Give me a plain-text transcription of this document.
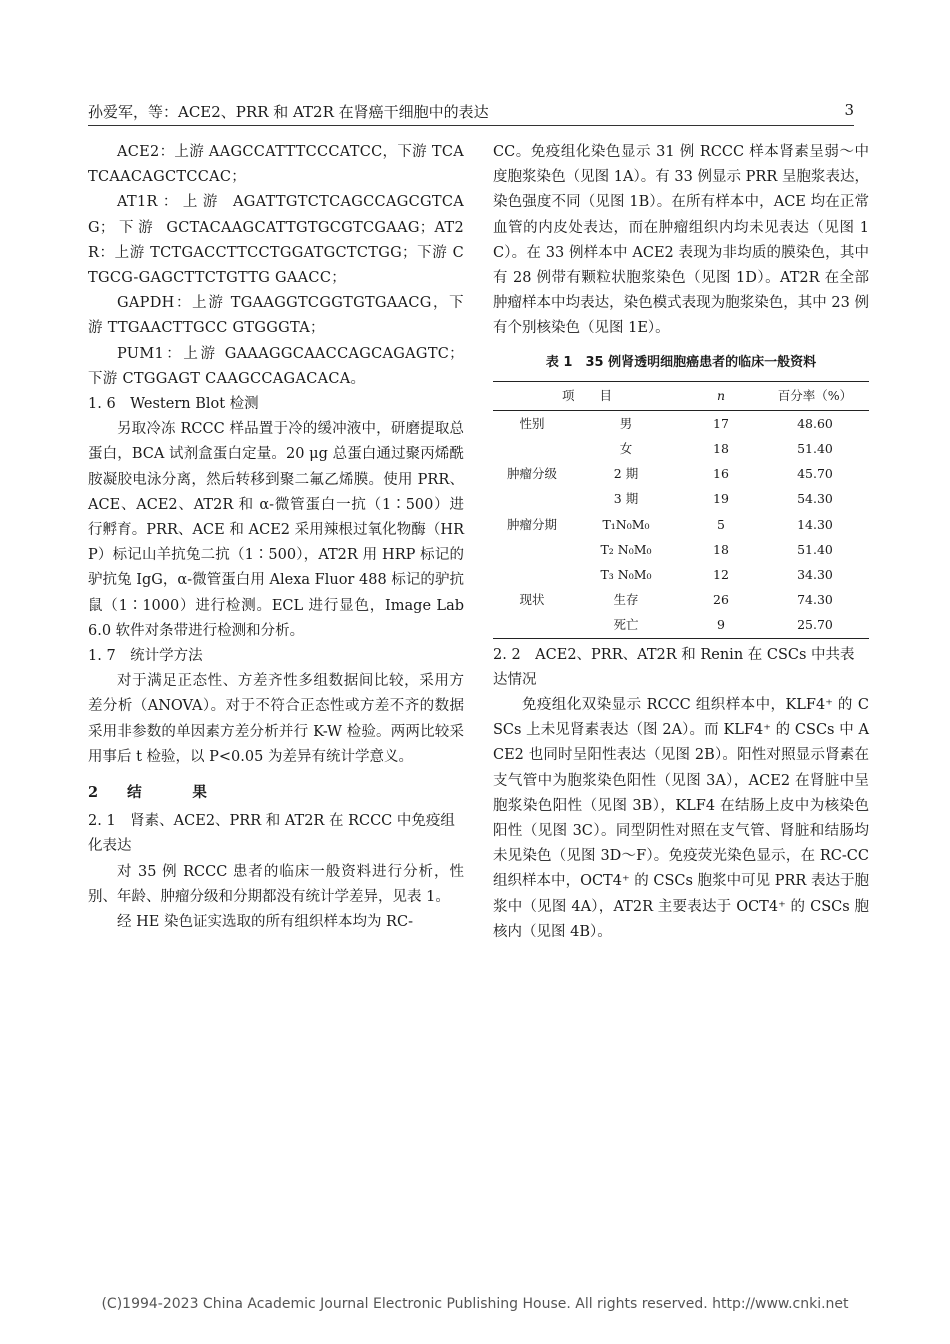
孙爱军，等：ACE2、PRR 和 AT2R 在肾癌干细胞中的表达	3

ACE2：上游 AAGCCATTTCCCATCC，下游 TCATCAACAGCTCCAC；

AT1R：上游 AGATTGTCTCAGCCAGCGTCAG；下游 GCTACAAGCATTGTGCGTCGAAG；AT2R：上游 TCTGACCTTCCTGGATGCTCTGG；下游 CTGCG-GAGCTTCTGTTG GAACC；

GAPDH：上游 TGAAGGTCGGTGTGAACG，下游 TTGAACTTGCC GTGGGTA；

PUM1：上游 GAAAGGCAACCAGCAGAGTC；下游 CTGGAGT CAAGCCAGACACA。

1. 6　Western Blot 检测

另取冷冻 RCCC 样品置于冷的缓冲液中，研磨提取总蛋白，BCA 试剂盒蛋白定量。20 μg 总蛋白通过聚丙烯酰胺凝胶电泳分离，然后转移到聚二氟乙烯膜。使用 PRR、ACE、ACE2、AT2R 和 α-微管蛋白一抗（1∶500）进行孵育。PRR、ACE 和 ACE2 采用辣根过氧化物酶（HRP）标记山羊抗兔二抗（1∶500），AT2R 用 HRP 标记的驴抗兔 IgG，α-微管蛋白用 Alexa Fluor 488 标记的驴抗鼠（1∶1000）进行检测。ECL 进行显色，Image Lab 6.0 软件对条带进行检测和分析。

1. 7　统计学方法

对于满足正态性、方差齐性多组数据间比较，采用方差分析（ANOVA）。对于不符合正态性或方差不齐的数据采用非参数的单因素方差分析并行 K-W 检验。两两比较采用事后 t 检验，以 P<0.05 为差异有统计学意义。

2　结　　果

2. 1　肾素、ACE2、PRR 和 AT2R 在 RCCC 中免疫组化表达

对 35 例 RCCC 患者的临床一般资料进行分析，性别、年龄、肿瘤分级和分期都没有统计学差异，见表 1。

经 HE 染色证实选取的所有组织样本均为 RC-

CC。免疫组化染色显示 31 例 RCCC 样本肾素呈弱～中度胞浆染色（见图 1A）。有 33 例显示 PRR 呈胞浆表达，染色强度不同（见图 1B）。在所有样本中，ACE 均在正常血管的内皮处表达，而在肿瘤组织内均未见表达（见图 1C）。在 33 例样本中 ACE2 表现为非均质的膜染色，其中有 28 例带有颗粒状胞浆染色（见图 1D）。AT2R 在全部肿瘤样本中均表达，染色模式表现为胞浆染色，其中 23 例有个别核染色（见图 1E）。

表 1　35 例肾透明细胞癌患者的临床一般资料
项　　目		n	百分率（%）
性别	男	17	48.60
	女	18	51.40
肿瘤分级	2 期	16	45.70
	3 期	19	54.30
肿瘤分期	T₁N₀M₀	5	14.30
	T₂ N₀M₀	18	51.40
	T₃ N₀M₀	12	34.30
现状	生存	26	74.30
	死亡	9	25.70

2. 2　ACE2、PRR、AT2R 和 Renin 在 CSCs 中共表达情况

免疫组化双染显示 RCCC 组织样本中，KLF4⁺ 的 CSCs 上未见肾素表达（图 2A）。而 KLF4⁺ 的 CSCs 中 ACE2 也同时呈阳性表达（见图 2B）。阳性对照显示肾素在支气管中为胞浆染色阳性（见图 3A），ACE2 在肾脏中呈胞浆染色阳性（见图 3B），KLF4 在结肠上皮中为核染色阳性（见图 3C）。同型阴性对照在支气管、肾脏和结肠均未见染色（见图 3D～F）。免疫荧光染色显示，在 RC-CC 组织样本中，OCT4⁺ 的 CSCs 胞浆中可见 PRR 表达于胞浆中（见图 4A），AT2R 主要表达于 OCT4⁺ 的 CSCs 胞核内（见图 4B）。

(C)1994-2023 China Academic Journal Electronic Publishing House. All rights reserved. http://www.cnki.net
